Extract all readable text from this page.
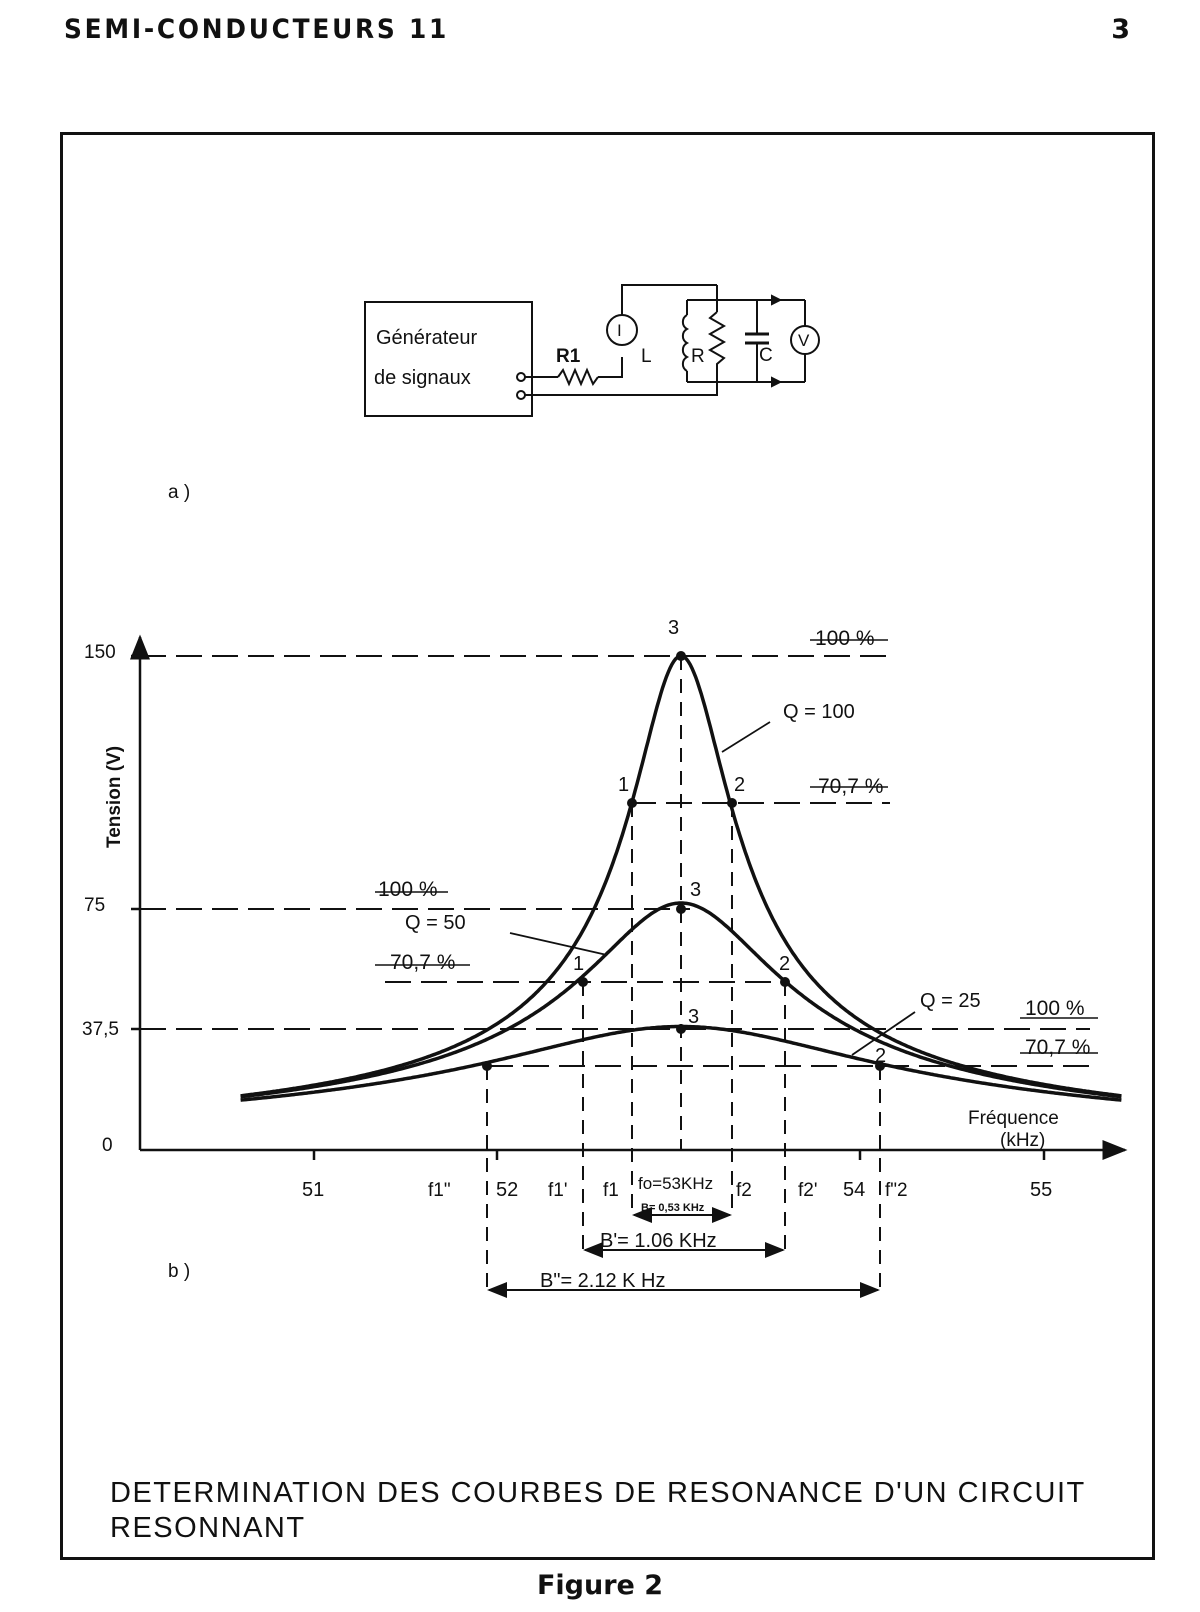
SEMI-CONDUCTEURS 11	3
Générateur
de signaux
R1
I
L R	C
V
a )
b )
3
1	2
3
1	2
3
2
100 %
70,7 %
100 %
70,7 %
100 %
70,7 %
Q = 100
Q = 50
Q = 25
150
75
37,5
0
51	52	54	55
f1"	f1' f1 fo=53KHz f2 f2'	f"2
B= 0,53 KHz
B'= 1.06 KHz
B"= 2.12 K Hz
Tension (V)
Fréquence
(kHz)
DETERMINATION DES COURBES DE RESONANCE D'UN CIRCUIT RESONNANT
Figure 2
